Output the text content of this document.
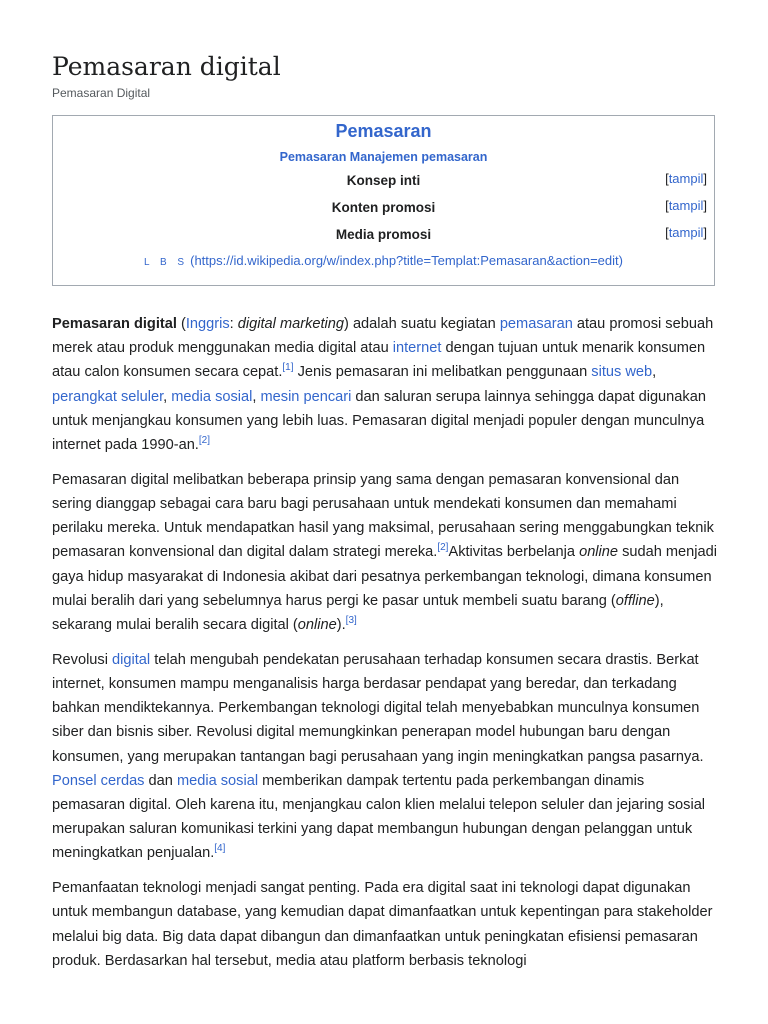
Pemasaran digital
Pemasaran Digital
Pemasaran
Pemasaran Manajemen pemasaran
Konsep inti	[tampil]
Konten promosi	[tampil]
Media promosi	[tampil]
L B S (https://id.wikipedia.org/w/index.php?title=Templat:Pemasaran&action=edit)

Pemasaran digital (Inggris: digital marketing) adalah suatu kegiatan pemasaran atau promosi sebuah merek atau produk menggunakan media digital atau internet dengan tujuan untuk menarik konsumen atau calon konsumen secara cepat.[1] Jenis pemasaran ini melibatkan penggunaan situs web, perangkat seluler, media sosial, mesin pencari dan saluran serupa lainnya sehingga dapat digunakan untuk menjangkau konsumen yang lebih luas. Pemasaran digital menjadi populer dengan munculnya internet pada 1990-an.[2]

Pemasaran digital melibatkan beberapa prinsip yang sama dengan pemasaran konvensional dan sering dianggap sebagai cara baru bagi perusahaan untuk mendekati konsumen dan memahami perilaku mereka. Untuk mendapatkan hasil yang maksimal, perusahaan sering menggabungkan teknik pemasaran konvensional dan digital dalam strategi mereka.[2]Aktivitas berbelanja online sudah menjadi gaya hidup masyarakat di Indonesia akibat dari pesatnya perkembangan teknologi, dimana konsumen mulai beralih dari yang sebelumnya harus pergi ke pasar untuk membeli suatu barang (offline), sekarang mulai beralih secara digital (online).[3]

Revolusi digital telah mengubah pendekatan perusahaan terhadap konsumen secara drastis. Berkat internet, konsumen mampu menganalisis harga berdasar pendapat yang beredar, dan terkadang bahkan mendiktekannya. Perkembangan teknologi digital telah menyebabkan munculnya konsumen siber dan bisnis siber. Revolusi digital memungkinkan penerapan model hubungan baru dengan konsumen, yang merupakan tantangan bagi perusahaan yang ingin meningkatkan pangsa pasarnya. Ponsel cerdas dan media sosial memberikan dampak tertentu pada perkembangan dinamis pemasaran digital. Oleh karena itu, menjangkau calon klien melalui telepon seluler dan jejaring sosial merupakan saluran komunikasi terkini yang dapat membangun hubungan dengan pelanggan untuk meningkatkan penjualan.[4]

Pemanfaatan teknologi menjadi sangat penting. Pada era digital saat ini teknologi dapat digunakan untuk membangun database, yang kemudian dapat dimanfaatkan untuk kepentingan para stakeholder melalui big data. Big data dapat dibangun dan dimanfaatkan untuk peningkatan efisiensi pemasaran produk. Berdasarkan hal tersebut, media atau platform berbasis teknologi
